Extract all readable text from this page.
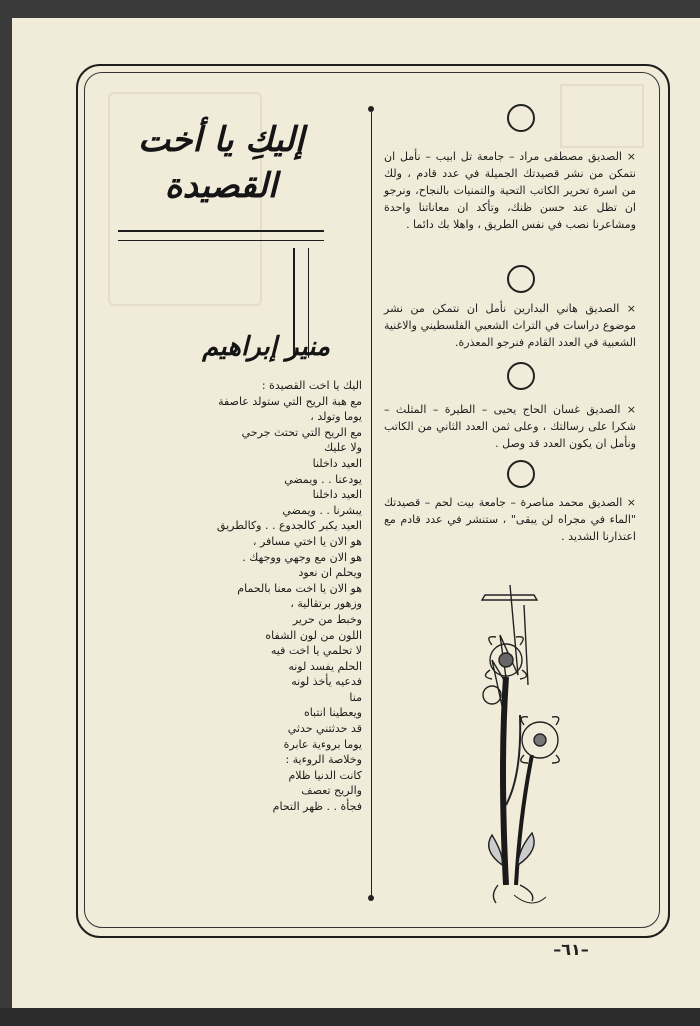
× الصديق مصطفى مراد – جامعة تل ابيب – نأمل ان نتمكن من نشر قصيدتك الجميلة في عدد قادم ، ولك من اسرة تحرير الكاتب التحية والتمنيات بالنجاح، ونرجو ان تظل عند حسن ظنك، وتأكد ان معاناتنا واحدة ومشاعرنا نصب في نفس الطريق ، واهلا بك دائما .
× الصديق هاني البدارين نأمل ان نتمكن من نشر موضوع دراسات في التراث الشعبي الفلسطيني والاغنية الشعبية في العدد القادم فنرجو المعذرة.
× الصديق غسان الحاج يحيى – الطيرة – المثلث – شكرا على رسالتك ، وعلى ثمن العدد الثاني من الكاتب ونأمل ان يكون العدد قد وصل .
× الصديق محمد مناصرة – جامعة بيت لحم – قصيدتك "الماء في مجراه لن يبقى" ، ستنشر في عدد قادم مع اعتذارنا الشديد .
إليكِ يا أخت
القصيدة
منير إبراهيم
اليك يا اخت القصيدة :
مع هبة الريح التي ستولد عاصفة
يوما وتولد ،
مع الريح التي تحتث جرحي
ولا عليك
العيد داخلنا
يودعنا . . ويمضي
العيد داخلنا
يبشرنا . . ويمضي
العيد يكبر كالجدوع . . وكالطريق
هو الان يا اختي مسافر ،
هو الان مع وجهي ووجهك .
ويحلم ان نعود
هو الان يا اخت معنا بالحمام
وزهور برتقالية ،
وخبط من حرير
اللون من لون الشفاه
لا تحلمي يا اخت فيه
الحلم يفسد لونه
فدعيه يأخذ لونه
منا
ويعطينا انتباه
قد حدثتني حدثي
يوما بروءية عابرة
وخلاصة الروءية :
كانت الدنيا ظلام
والريح تعصف
فجأة . . ظهر التحام
–٦١–
